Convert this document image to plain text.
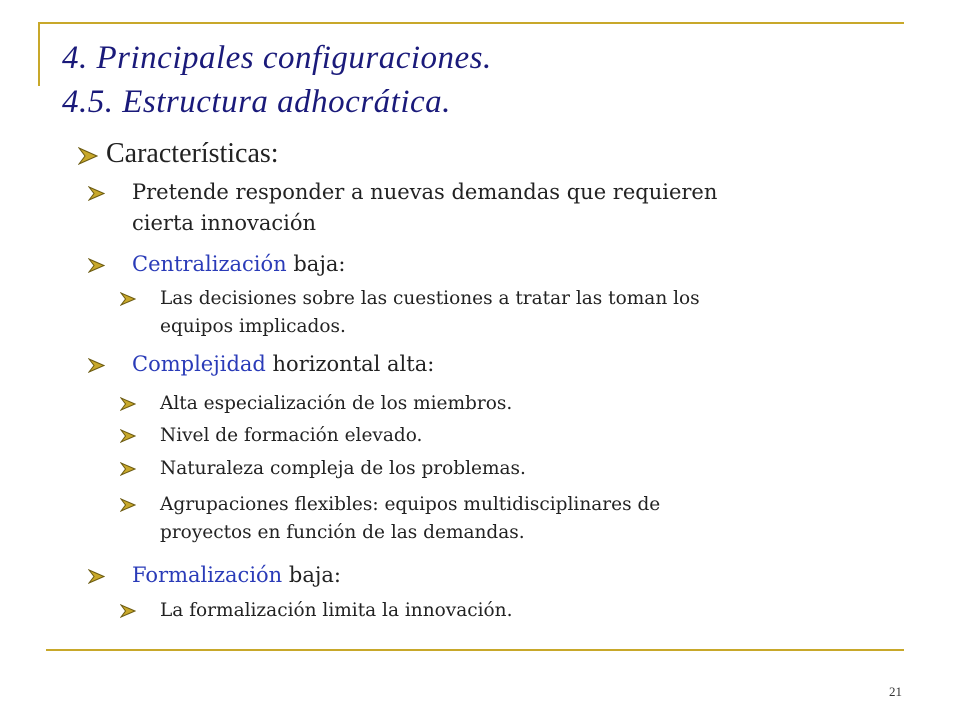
4. Principales configuraciones.
4.5. Estructura adhocrática.
Características:
Pretende responder a nuevas demandas que requieren
cierta innovación
Centralización baja:
Las decisiones sobre las cuestiones a tratar las toman los
equipos implicados.
Complejidad horizontal alta:
Alta especialización de los miembros.
Nivel de formación elevado.
Naturaleza compleja de los problemas.
Agrupaciones flexibles: equipos multidisciplinares de
proyectos en función de las demandas.
Formalización baja:
La formalización limita la innovación.
21
